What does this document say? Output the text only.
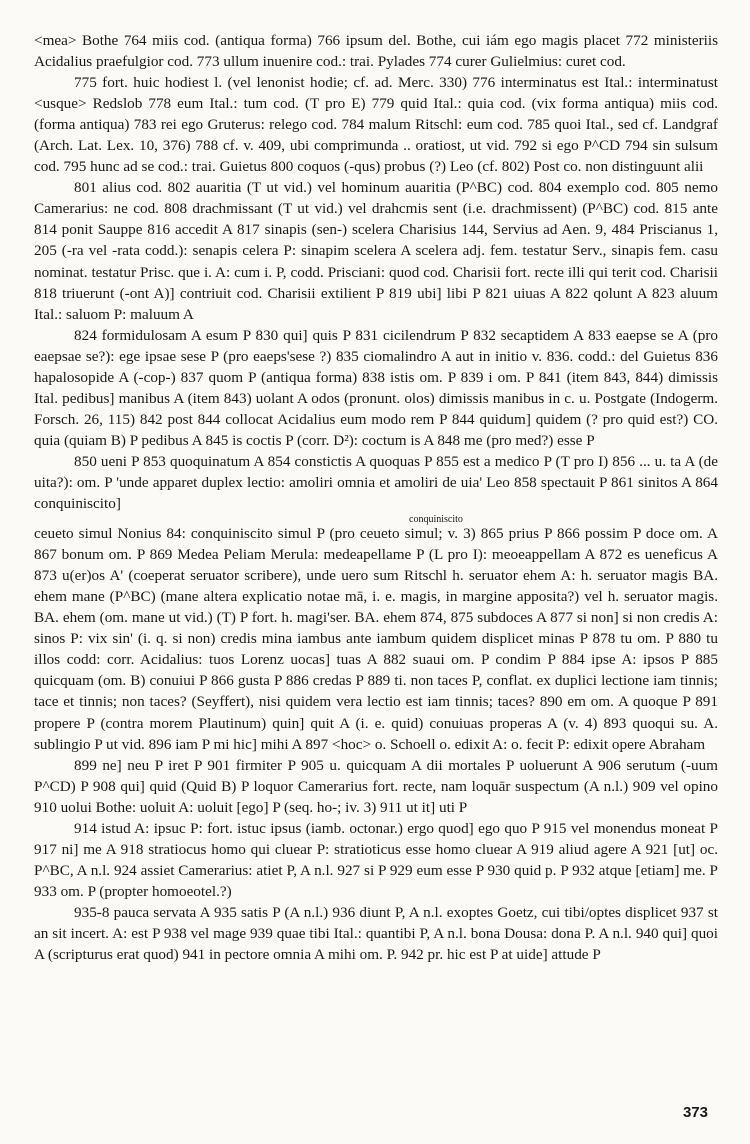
<mea> Bothe 764 miis cod. (antiqua forma) 766 ipsum del. Bothe, cui iám ego magis placet 772 ministeriis Acidalius praefulgior cod. 773 ullum inuenire cod.: trai. Pylades 774 curer Gulielmius: curet cod.

775 fort. huic hodiest l. (vel lenonist hodie; cf. ad. Merc. 330) 776 interminatus est Ital.: interminatust <usque> Redslob 778 eum Ital.: tum cod. (T pro E) 779 quid Ital.: quia cod. (vix forma antiqua) miis cod. (forma antiqua) 783 rei ego Gruterus: relego cod. 784 malum Ritschl: eum cod. 785 quoi Ital., sed cf. Landgraf (Arch. Lat. Lex. 10, 376) 788 cf. v. 409, ubi comprimunda .. oratiost, ut vid. 792 si ego P^CD 794 sin sulsum cod. 795 hunc ad se cod.: trai. Guietus 800 coquos (-qus) probus (?) Leo (cf. 802) Post co. non distinguunt alii

801 alius cod. 802 auaritia (T ut vid.) vel hominum auaritia (P^BC) cod. 804 exemplo cod. 805 nemo Camerarius: ne cod. 808 drachmissant (T ut vid.) vel drahcmis sent (i.e. drachmissent) (P^BC) cod. 815 ante 814 ponit Sauppe 816 accedit A 817 sinapis (sen-) scelera Charisius 144, Servius ad Aen. 9, 484 Priscianus 1, 205 (-ra vel -rata codd.): senapis celera P: sinapim scelera A scelera adj. fem. testatur Serv., sinapis fem. casu nominat. testatur Prisc. que i. A: cum i. P, codd. Prisciani: quod cod. Charisii fort. recte illi qui terit cod. Charisii 818 triuerunt (-ont A)] contriuit cod. Charisii extilient P 819 ubi] libi P 821 uiuas A 822 qolunt A 823 aluum Ital.: saluom P: maluum A

824 formidulosam A esum P 830 qui] quis P 831 cicilendrum P 832 secaptidem A 833 eaepse se A (pro eaepsae se?): ege ipsae sese P (pro eaeps'sese ?) 835 ciomalindro A aut in initio v. 836. codd.: del Guietus 836 hapalosopide A (-cop-) 837 quom P (antiqua forma) 838 istis om. P 839 i om. P 841 (item 843, 844) dimissis Ital. pedibus] manibus A (item 843) uolant A odos (pronunt. olos) dimissis manibus in c. u. Postgate (Indogerm. Forsch. 26, 115) 842 post 844 collocat Acidalius eum modo rem P 844 quidum] quidem (? pro quid est?) CO. quia (quiam B) P pedibus A 845 is coctis P (corr. D²): coctum is A 848 me (pro med?) esse P

850 ueni P 853 quoquinatum A 854 constictis A quoquas P 855 est a medico P (T pro I) 856 ... u. ta A (de uita?): om. P 'unde apparet duplex lectio: amoliri omnia et amoliri de uia' Leo 858 spectauit P 861 sinitos A 864 conquiniscito]

conquiniscito

ceueto simul Nonius 84: conquiniscito simul P (pro ceueto simul; v. 3) 865 prius P 866 possim P doce om. A 867 bonum om. P 869 Medea Peliam Merula: medeapellame P (L pro I): meoeappellam A 872 es ueneficus A 873 u(er)os A' (coeperat seruator scribere), unde uero sum Ritschl h. seruator ehem A: h. seruator magis BA. ehem mane (P^BC) (mane altera explicatio notae mā, i. e. magis, in margine apposita?) vel h. seruator magis. BA. ehem (om. mane ut vid.) (T) P fort. h. magi'ser. BA. ehem 874, 875 subdoces A 877 si non] si non credis A: sinos P: vix sin' (i. q. si non) credis mina iambus ante iambum quidem displicet minas P 878 tu om. P 880 tu illos codd: corr. Acidalius: tuos Lorenz uocas] tuas A 882 suaui om. P condim P 884 ipse A: ipsos P 885 quicquam (om. B) conuiui P 866 gusta P 886 credas P 889 ti. non taces P, conflat. ex duplici lectione iam tinnis; tace et tinnis; non taces? (Seyffert), nisi quidem vera lectio est iam tinnis; taces? 890 em om. A quoque P 891 propere P (contra morem Plautinum) quin] quit A (i. e. quid) conuiuas properas A (v. 4) 893 quoqui su. A. sublingio P ut vid. 896 iam P mi hic] mihi A 897 <hoc> o. Schoell o. edixit A: o. fecit P: edixit opere Abraham

899 ne] neu P iret P 901 firmiter P 905 u. quicquam A dii mortales P uoluerunt A 906 serutum (-uum P^CD) P 908 qui] quid (Quid B) P loquor Camerarius fort. recte, nam loquār suspectum (A n.l.) 909 vel opino 910 uolui Bothe: uoluit A: uoluit [ego] P (seq. ho-; iv. 3) 911 ut it] uti P

914 istud A: ipsuc P: fort. istuc ipsus (iamb. octonar.) ergo quod] ego quo P 915 vel monendus moneat P 917 ni] me A 918 stratiocus homo qui cluear P: stratioticus esse homo cluear A 919 aliud agere A 921 [ut] oc. P^BC, A n.l. 924 assiet Camerarius: atiet P, A n.l. 927 si P 929 eum esse P 930 quid p. P 932 atque [etiam] me. P 933 om. P (propter homoeotel.?)

935-8 pauca servata A 935 satis P (A n.l.) 936 diunt P, A n.l. exoptes Goetz, cui tibi/optes displicet 937 st an sit incert. A: est P 938 vel mage 939 quae tibi Ital.: quantibi P, A n.l. bona Dousa: dona P. A n.l. 940 qui] quoi A (scripturus erat quod) 941 in pectore omnia A mihi om. P. 942 pr. hic est P at uide] attude P

373
